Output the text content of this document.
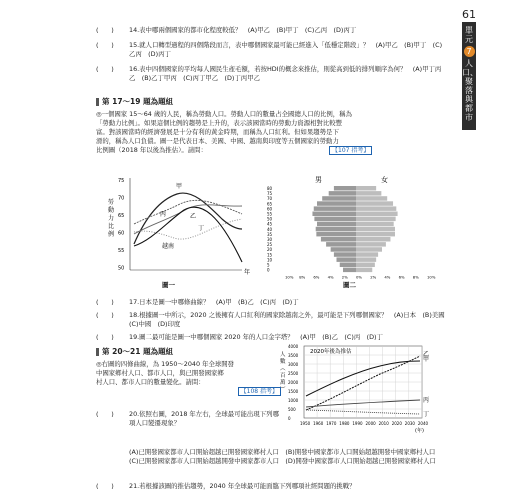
61
單元
7
人口、聚落與都市
(　　)	14.表中哪兩個國家的都市化程度較低？　(A)甲乙　(B)甲丁　(C)乙丙　(D)丙丁
(　　)	15.就人口轉型過程的四個階段而言，表中哪個國家最可能已經進入「低穩定階段」？　(A)甲乙　(B)甲丁　(C)乙丙　(D)丙丁
(　　)	16.表中四個國家的平均每人國民生產毛額，若按HDI的概念來推估，則從高到低的排列順序為何？　(A)甲丁丙乙　(B)乙丁甲丙　(C)丙丁甲乙　(D)丁丙甲乙
第 17～19 題為題組
◎一個國家 15～64 歲的人民，稱為勞動人口。勞動人口的數量占全國總人口的比例，稱為
「勞動力比例」。如果這個比例的趨勢是上升的，表示該國當時的勞動力資源相對比較豐
富。對該國當時的經濟發展是十分有利的黃金時期，而稱為人口紅利。但如果趨勢是下
滑的，稱為人口負債。圖一是代表日本、美國、中國、越南與印度等五個國家的勞動力
比例圖（2018 年以後為推估）。請問：	【107 指考】
(　　)	17.日本是圖一中哪條曲線？　(A)甲　(B)乙　(C)丙　(D)丁
(　　)	18.根據圖一中所示，2020 之後擁有人口紅利的國家除越南之外，最可能是下列哪個國家？　(A)日本　(B)美國　(C)中國　(D)印度
(　　)	19.圖二最可能是圖一中哪個國家 2020 年的人口金字塔？　(A)甲　(B)乙　(C)丙　(D)丁
第 20～21 題為題組
◎右圖的四條曲線，為 1950～2040 年全球開發
中國家鄉村人口、都市人口，與已開發國家鄉
村人口、都市人口的數量變化。請問：
【108 指考】
(　　)	20.依照右圖，2018 年左右，全球最可能出現下列哪項人口變遷現象？
(A)已開發國家都市人口開始超越已開發國家鄉村人口　(B)開發中國家都市人口開始超越開發中國家鄉村人口　(C)已開發國家都市人口開始超越開發中國家都市人口　(D)開發中國家都市人口開始超越已開發國家鄉村人口
(　　)	21.若根據該圖的推估趨勢，2040 年全球最可能面臨下列哪項社經問題的挑戰？
勞
動
力
比
例
75
70
65
60
55
50
甲
丙	乙
丁
越南
年
圖一
男	女
80
75
70
65
60
55
50
45
40
35
30
25
20
15
10
5
0
10% 8% 6% 4% 2% 0% 2% 4% 6% 8% 10%
圖二
2020年後為推估
人
數
︵
百
萬
︶
4000
3500
3000
2500
2000
1500
1000
500
0
1950 1960 1970 1980 1990 2000 2010 2020 2030 2040
甲
乙
丙
丁
(年)
